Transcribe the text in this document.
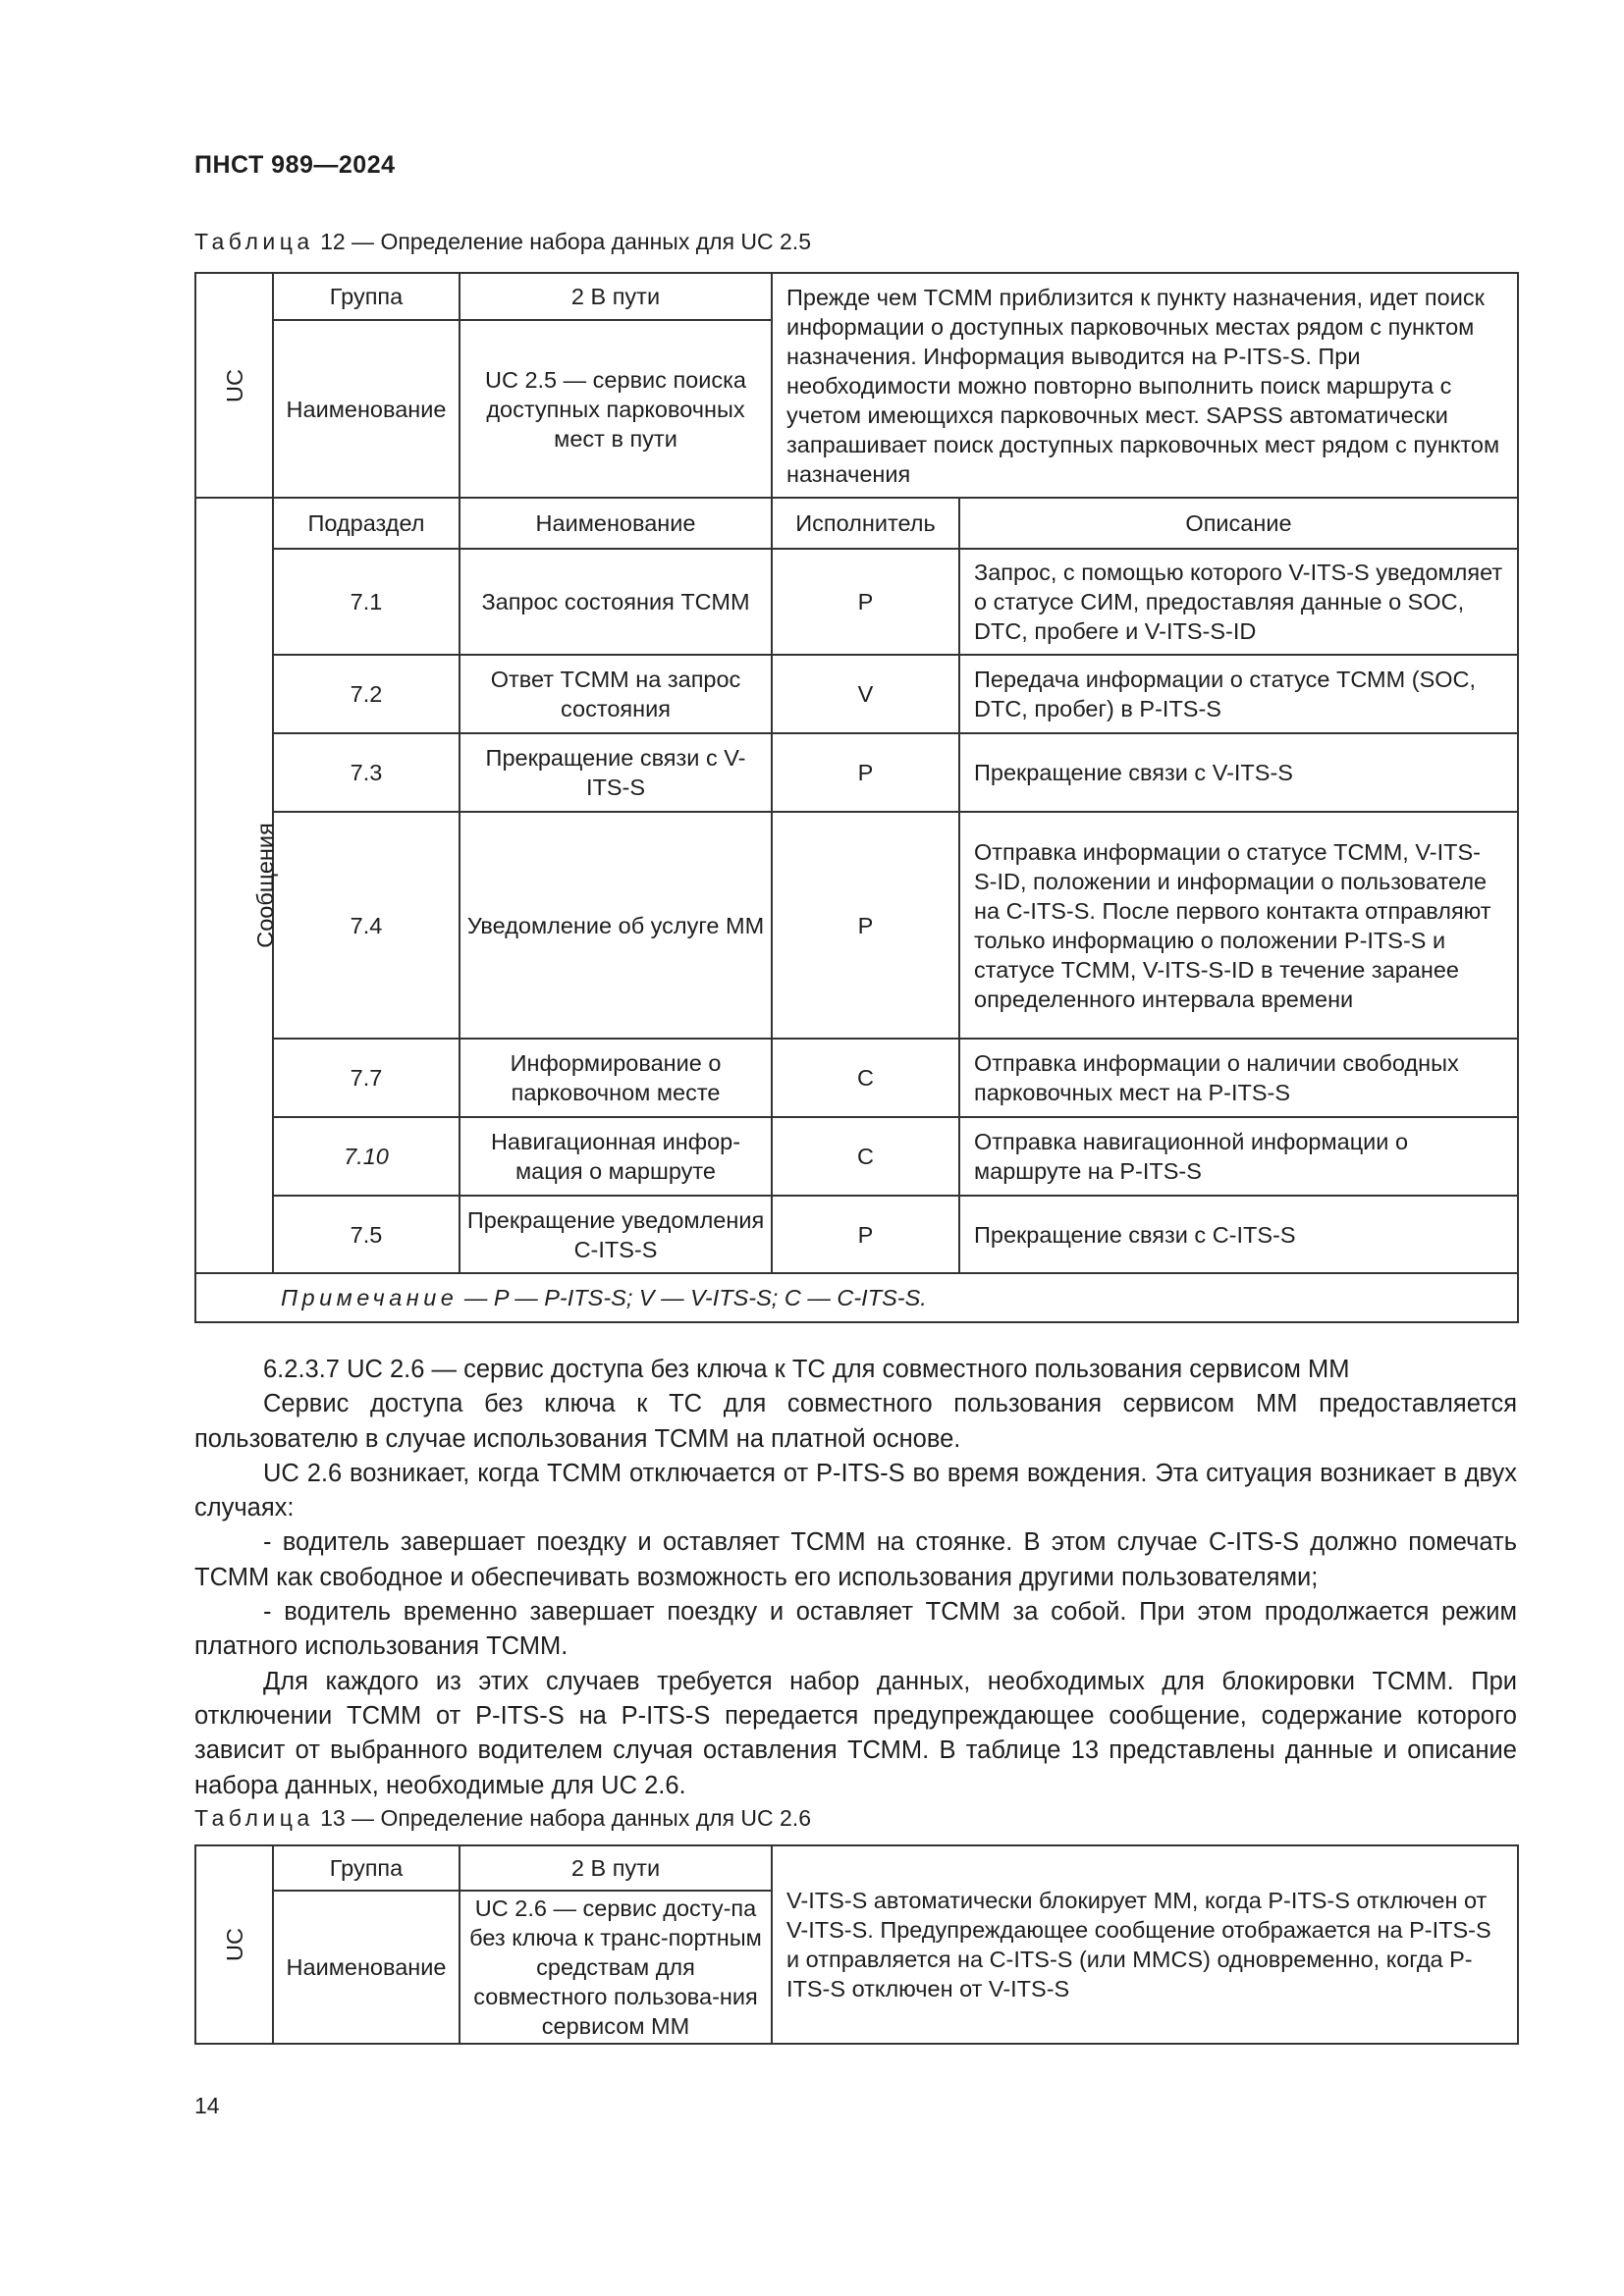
ПНСТ 989—2024
Таблица 12 — Определение набора данных для UC 2.5
UC	Группа	2 В пути	Прежде чем ТСММ приблизится к пункту назначения, идет поиск информации о доступных парковочных местах рядом с пунктом назначения. Информация выводится на P-ITS-S. При необходимости можно повторно выполнить поиск маршрута с учетом имеющихся парковочных мест. SAPSS автоматически запрашивает поиск доступных парковочных мест рядом с пунктом назначения	
	Наименование	UC 2.5 — сервис поиска доступных парковочных мест в пути		
Сообщения	Подраздел	Наименование	Исполнитель	Описание
	7.1	Запрос состояния ТСММ	P	Запрос, с помощью которого V-ITS-S уведомляет о статусе СИМ, предоставляя данные о SOC, DTC, пробеге и V-ITS-S-ID
	7.2	Ответ ТСММ на запрос состояния	V	Передача информации о статусе ТСММ (SOC, DTC, пробег) в P-ITS-S
	7.3	Прекращение связи с V-ITS-S	P	Прекращение связи с V-ITS-S
	7.4	Уведомление об услуге ММ	P	Отправка информации о статусе ТСММ, V-ITS-S-ID, положении и информации о пользователе на C-ITS-S. После первого контакта отправляют только информацию о положении P-ITS-S и статусе ТСММ, V-ITS-S-ID в течение заранее определенного интервала времени
	7.7	Информирование о парковочном месте	C	Отправка информации о наличии свободных парковочных мест на P-ITS-S
	7.10	Навигационная инфор-мация о маршруте	C	Отправка навигационной информации о маршруте на P-ITS-S
	7.5	Прекращение уведомления C-ITS-S	P	Прекращение связи с C-ITS-S
Примечание — P — P-ITS-S; V — V-ITS-S; C — C-ITS-S.				

6.2.3.7 UC 2.6 — сервис доступа без ключа к ТС для совместного пользования сервисом ММ

Сервис доступа без ключа к ТС для совместного пользования сервисом ММ предоставляется пользователю в случае использования ТСММ на платной основе.

UC 2.6 возникает, когда ТСММ отключается от P-ITS-S во время вождения. Эта ситуация возникает в двух случаях:

- водитель завершает поездку и оставляет ТСММ на стоянке. В этом случае C-ITS-S должно помечать ТСММ как свободное и обеспечивать возможность его использования другими пользователями;

- водитель временно завершает поездку и оставляет ТСММ за собой. При этом продолжается режим платного использования ТСММ.

Для каждого из этих случаев требуется набор данных, необходимых для блокировки ТСММ. При отключении ТСММ от P-ITS-S на P-ITS-S передается предупреждающее сообщение, содержание которого зависит от выбранного водителем случая оставления ТСММ. В таблице 13 представлены данные и описание набора данных, необходимые для UC 2.6.

Таблица 13 — Определение набора данных для UC 2.6
UC	Группа	2 В пути	V-ITS-S автоматически блокирует ММ, когда P-ITS-S отключен от V-ITS-S. Предупреждающее сообщение отображается на P-ITS-S и отправляется на C-ITS-S (или MMCS) одновременно, когда P-ITS-S отключен от V-ITS-S
	Наименование	UC 2.6 — сервис досту-па без ключа к транс-портным средствам для совместного пользова-ния сервисом ММ	
14
